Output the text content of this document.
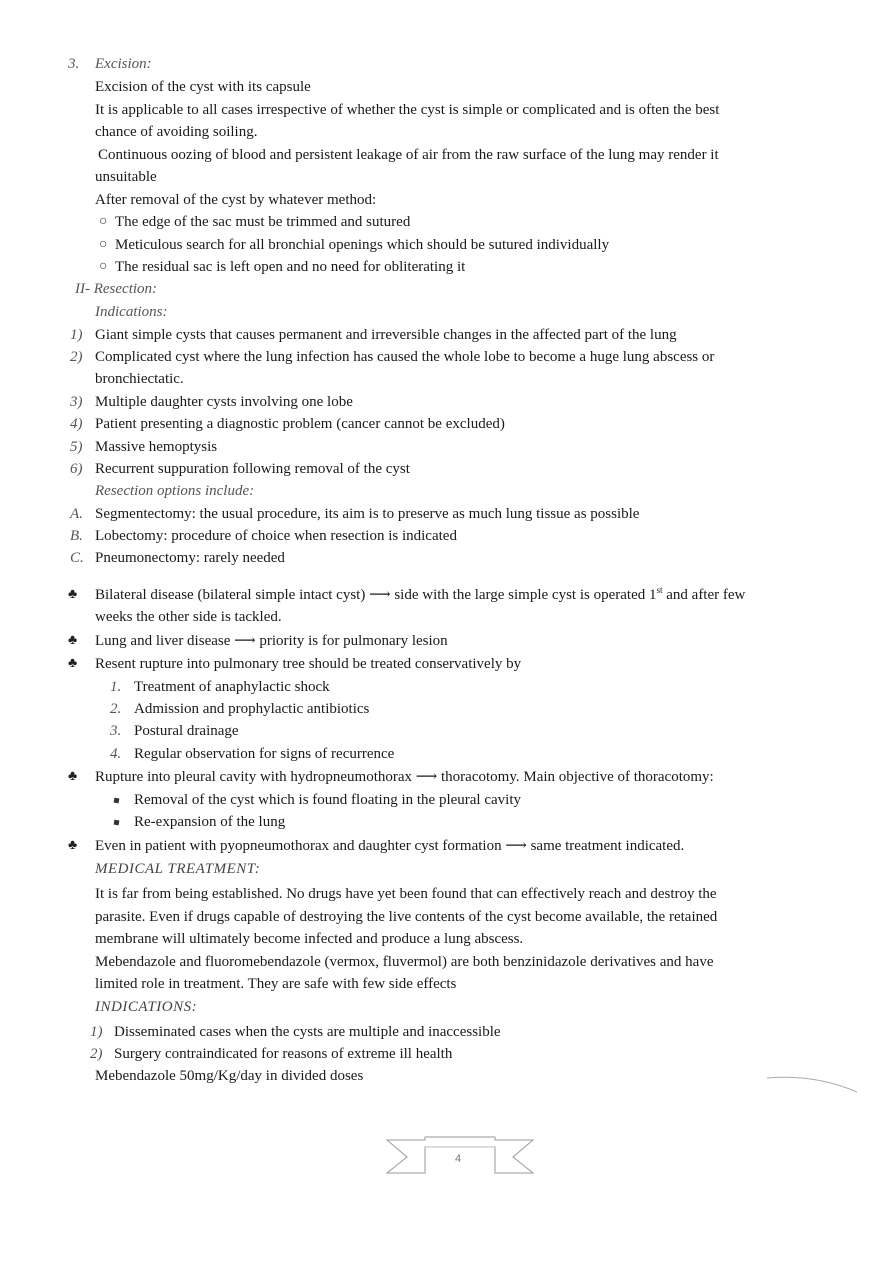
3. Excision:
Excision of the cyst with its capsule
It is applicable to all cases irrespective of whether the cyst is simple or complicated and is often the best
chance of avoiding soiling.
Continuous oozing of blood and persistent leakage of air from the raw surface of the lung may render it
unsuitable
After removal of the cyst by whatever method:
○ The edge of the sac must be trimmed and sutured
○ Meticulous search for all bronchial openings which should be sutured individually
○ The residual sac is left open and no need for obliterating it
II- Resection:
Indications:
1) Giant simple cysts that causes permanent and irreversible changes in the affected part of the lung
2) Complicated cyst where the lung infection has caused the whole lobe to become a huge lung abscess or
bronchiectatic.
3) Multiple daughter cysts involving one lobe
4) Patient presenting a diagnostic problem (cancer cannot be excluded)
5) Massive hemoptysis
6) Recurrent suppuration following removal of the cyst
Resection options include:
A. Segmentectomy: the usual procedure, its aim is to preserve as much lung tissue as possible
B. Lobectomy: procedure of choice when resection is indicated
C. Pneumonectomy: rarely needed
♣ Bilateral disease (bilateral simple intact cyst) ⟶ side with the large simple cyst is operated 1st and after few
weeks the other side is tackled.
♣ Lung and liver disease ⟶ priority is for pulmonary lesion
♣ Resent rupture into pulmonary tree should be treated conservatively by
1. Treatment of anaphylactic shock
2. Admission and prophylactic antibiotics
3. Postural drainage
4. Regular observation for signs of recurrence
♣ Rupture into pleural cavity with hydropneumothorax ⟶ thoracotomy. Main objective of thoracotomy:
Removal of the cyst which is found floating in the pleural cavity
Re-expansion of the lung
♣ Even in patient with pyopneumothorax and daughter cyst formation ⟶ same treatment indicated.
MEDICAL TREATMENT:
It is far from being established. No drugs have yet been found that can effectively reach and destroy the
parasite. Even if drugs capable of destroying the live contents of the cyst become available, the retained
membrane will ultimately become infected and produce a lung abscess.
Mebendazole and fluoromebendazole (vermox, fluvermol) are both benzinidazole derivatives and have
limited role in treatment. They are safe with few side effects
INDICATIONS:
1) Disseminated cases when the cysts are multiple and inaccessible
2) Surgery contraindicated for reasons of extreme ill health
Mebendazole 50mg/Kg/day in divided doses
4
